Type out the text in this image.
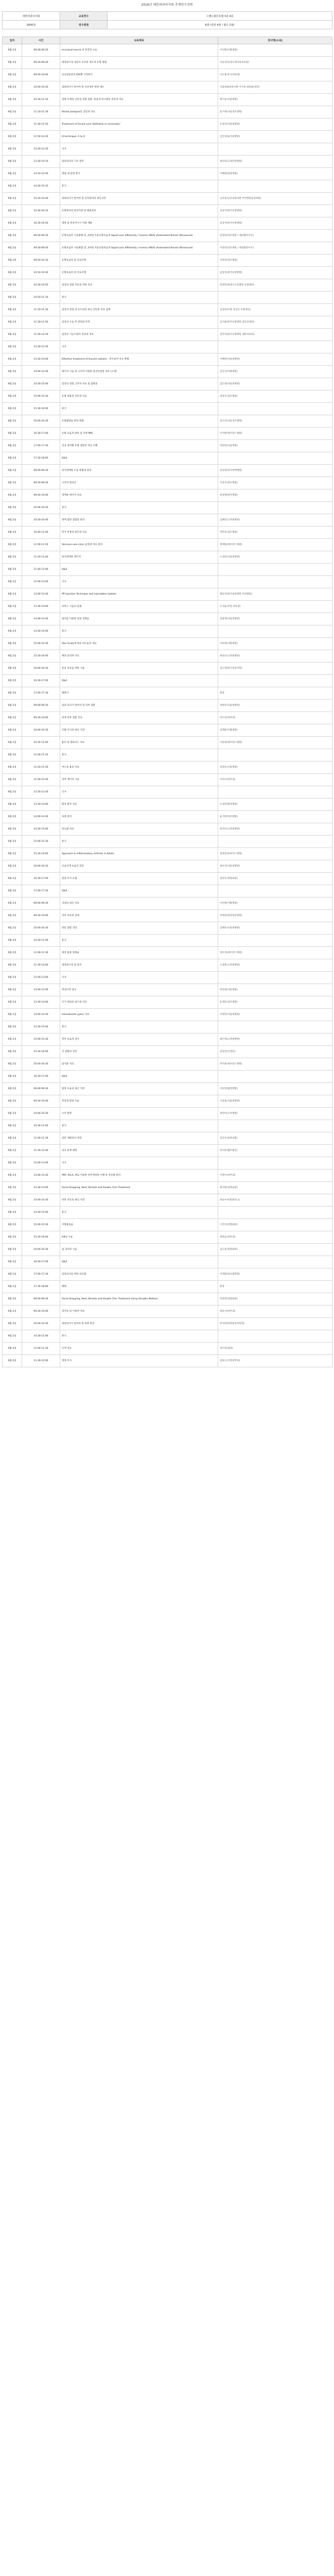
2016년 대한외과의사회 추계연수강좌
대한외과의사회	교육연수	그랜드힐튼호텔 3층 4층
5000원	연수평점	6점 (일반 4점 / 필수 2점)
일자	시간	교육제목	강사명(소속)
9월 2일	09:00-09:20	Incisional hernia 의 복강경 수술	이인형(이화병원)
9월 2일	09:20-09:40	대장내시경 상담사 보조한 경우의 유형 방법	이승진(연세오케이외과의원)
9월 2일	09:40-10:00	인공항문관리 EROP 시작하기	이은용(주니어외과)
9월 2일	10:00-10:30	외과의사가 알아야 할 자궁경부 관련 제도	서울대외과의사회 이사정 외과(운영진)
9월 2일	10:30-11:10	질병 유래의 난연성 결절 질환: 통증과 반고열의 진단과 치료	배기웅(서울병원)
9월 2일	11:10-11:30	Rectal prolapse의 진단과 치료	윤기세(서울성모병원)
9월 2일	11:30-11:50	Treatment of Fecoid cyst: Definitely or minimally?	도현진(서울대병원)
9월 2일	11:50-12:20	Ill technique: A to Z	김진성(을지대병원)
9월 2일	12:20-13:30	식사	
9월 2일	13:30-14:10	외과의사의 기포 관리	최유하(고대안암병원)
9월 2일	14:10-14:30	병원 내 감염 방지	이혜정(한양병원)
9월 2일	14:30-15:10	휴식	
9월 2일	15:10-15:40	외과의사가 알아야 할 상처관리의 최신지견	남궁문(남궁외과의원 부천병원운영위원)
9월 2일	15:40-16:10	유방에서의 항상지관 및 해외정보	김상국(한국유방병원)
9월 2일	16:30-16:50	병원 및 한상이식시 미용 제품	김상국(한국유방병원)
9월 2일	09:00-09:30	유방초음파 시술방법 및 ,3차원 자동유방초음파 Squid Lock differently / Invenia ABUS (Automated Breast Ultrasound)	임영희(성모병원 / 대외협력이사)
9월 2일	09:30-09:50	유방초음파 시술방법 및 ,3차원 자동유방초음파 Squid Lock differently / Invenia ABUS (Automated Breast Ultrasound)	이정연(성모병원 / 대외협력이사)
9월 2일	09:50-10:10	유방초음파 및 진료유형	이정연(성모병원)
9월 2일	10:10-10:30	유방초음파 및 진료유형	김상호(한국유방병원)
9월 2일	10:30-10:50	갑상선 결절 진단을 위한 비교	천영민(외대구구로병원 유방센터)
9월 2일	10:50-11:10	휴식	
9월 2일	11:10-11:30	갑상선 결절 내 유두암의 최신 진단과 치료 실제	김경진(유방 갑상선 유방센터)
9월 2일	11:30-11:50	갑상선 수술 후 관리와 추적	김지훈(한국유방병원 갑상선센터)
9월 2일	11:50-12:20	갑상선 기능이상의 진단과 치료	김민석(한국유방병원 내분비외과)
9월 2일	12:20-13:30	식사	
9월 2일	13:30-14:00	Effective treatment of thyroid nodules - 비수술적 치료 방법	이혜정(서울대병원)
9월 2일	14:00-14:30	레이저 시술 및 고주파 이용한 갑상선결절 치료 (소개)	김진산(이화병원)
9월 2일	14:30-15:00	갑상선 결절 고주파 치료 및 합병증	김은정(서울대병원)
9월 2일	15:00-15:30	유방 종물의 진단과 치료	정상우(성모병원)
9월 2일	15:30-16:00	휴식	
9월 2일	16:00-16:30	유방촬영술 판독 방법	김수진(서울성모병원)
9월 2일	16:30-17:00	유방 초음파 판독 및 유방 MRI	이지현(세브란스병원)
9월 2일	17:00-17:30	진료 영역별 유방 질환의 치료 이해	박성희(서울병원)
9월 2일	17:30-18:00	Q&A	
9월 2일	09:00-09:20	하지정맥류 수술 방법과 원리	송동현(하지정맥병원)
9월 2일	09:20-09:40	고주파 열치료	이상우(성모병원)
9월 2일	09:40-10:00	정맥류 레이저 치료	한상철(한국병원)
9월 2일	10:00-10:20	휴식	
9월 2일	10:20-10:40	정맥 혈관 질환과 관리	김혜진(고려대병원)
9월 2일	10:40-11:00	하지 부종의 원인과 치료	박민호(성모병원)
9월 2일	11:00-11:20	Varicose vein clinic 운영과 치료 원칙	정재원(세브란스병원)
9월 2일	11:20-11:40	하지정맥류 레이저	오세진(서울대병원)
9월 2일	11:40-12:00	Q&A	
9월 2일	12:00-13:00	식사	
9월 2일	13:00-13:30	PP Injection Technique and Injectables Update	채동진(한국외과병원 부천병원)
9월 2일	13:30-14:00	보톡스 시술의 실제	오지윤(부천 피부과)
9월 2일	14:00-14:30	필러를 이용한 얼굴 성형술	김용재(서울대병원)
9월 2일	14:30-15:00	휴식	
9월 2일	15:00-15:30	Pain Scale에 따른 비수술적 치료	이희경(이화병원)
9월 2일	15:30-16:00	체외 충격파 치료	최성규(고려대병원)
9월 2일	16:00-16:30	통증 치료를 위한 시술	김도형(한국통증의학)
9월 2일	16:30-17:00	Q&A	
9월 2일	17:00-17:30	폐회사	회장
9월 2일	09:00-09:30	외과 의사가 알아야 할 피부 질환	정현우(서울대병원)
9월 2일	09:30-10:00	외래 피부 질환 진료	박소영(피부과)
9월 2일	10:00-10:30	모발 이식의 최신 지견	김재훈(모발병원)
9월 2일	10:30-11:00	흉터 및 켈로이드 치료	이동현(세브란스병원)
9월 2일	11:00-11:20	휴식	
9월 2일	11:20-11:50	여드름 흉터 치료	임정호(서울병원)
9월 2일	11:50-12:20	피부 레이저 시술	조민수(피부과)
9월 2일	12:20-13:30	식사	
9월 2일	13:30-14:00	화상 환자 치료	오경민(화상병원)
9월 2일	14:00-14:30	욕창 관리	윤서현(성모병원)
9월 2일	14:30-15:00	당뇨발 치료	한지수(고려대병원)
9월 2일	15:00-15:30	휴식	
9월 2일	15:30-16:00	Approach to Inflammatory Arthritis in Adults	정영진(류마티스병원)
9월 2일	16:00-16:30	근골격계 초음파 진단	최우진(서울대병원)
9월 2일	16:30-17:00	관절 주사 요법	김민우(정형외과)
9월 2일	17:00-17:30	Q&A	
9월 2일	09:00-09:30	치질의 최신 치료	이인형(이화병원)
9월 2일	09:30-10:00	치루 치료의 실제	박재성(대장항문병원)
9월 2일	10:00-10:30	항문 질환 진단	김태호(서울대병원)
9월 2일	10:30-11:00	휴식	
9월 2일	11:00-11:30	대장 용종 절제술	정우성(세브란스병원)
9월 2일	11:30-12:00	대장내시경 질 관리	오상훈(고려대병원)
9월 2일	12:00-13:00	식사	
9월 2일	13:00-13:30	위내시경 검사	한동원(서울병원)
9월 2일	13:30-14:00	조기 위암의 내시경 치료	윤재호(성모병원)
9월 2일	14:00-14:30	Helicobacter pylori 치료	이정민(서울대병원)
9월 2일	14:30-15:00	휴식	
9월 2일	15:00-15:30	복부 초음파 검사	최은영(고려대병원)
9월 2일	15:30-16:00	간 질환의 진단	김성진(간센터)
9월 2일	16:00-16:30	담석증 치료	박지훈(세브란스병원)
9월 2일	16:30-17:00	Q&A	
9월 2일	09:00-09:30	탈장 수술의 최신 지견	서동민(탈장병원)
9월 2일	09:30-10:00	복강경 탈장 수술	이상훈(서울대병원)
9월 2일	10:00-10:30	소아 탈장	정민아(소아병원)
9월 2일	10:30-11:00	휴식	
9월 2일	11:00-11:30	외과 개원의의 경영	김진우(외과의원)
9월 2일	11:30-12:00	의료 분쟁 예방	박서준(법무법인)
9월 2일	12:00-13:00	식사	
9월 2일	13:00-13:30	PRP, PLLA, PCL 이용한 피부재생의 이해 및 진단법 원리	이영수(피부과)
9월 2일	13:30-14:00	Facial Dropping, Neck Wrinkle and Double Chin Treatment	최지원(성형외과)
9월 2일	14:00-14:30	비만 치료의 최신 지견	한승우(비만클리닉)
9월 2일	14:30-15:00	휴식	
9월 2일	15:00-15:30	지방흡입술	오민석(성형외과)
9월 2일	15:30-16:00	HIFU 시술	정하늘(피부과)
9월 2일	16:00-16:30	실 리프팅 시술	김도윤(성형외과)
9월 2일	16:30-17:00	Q&A	
9월 2일	17:00-17:30	외과의사를 위한 의료법	이재원(의료법학회)
9월 2일	17:30-18:00	폐회	회장
9월 2일	09:00-09:30	Facial Dropping, Neck Wrinkle and Double Chin Treatment Using Variable Method	박상현(성형외과)
9월 2일	09:30-10:00	목주름 및 이중턱 치료	최윤서(피부과)
9월 2일	10:00-10:30	외과의사가 알아야 할 마취 관리	한지민(마취통증의학과)
9월 2일	10:30-11:00	휴식	
9월 2일	11:00-11:30	수액 치료	정수빈(내과)
9월 2일	11:30-12:00	영양 주사	김하은(가정의학과)
